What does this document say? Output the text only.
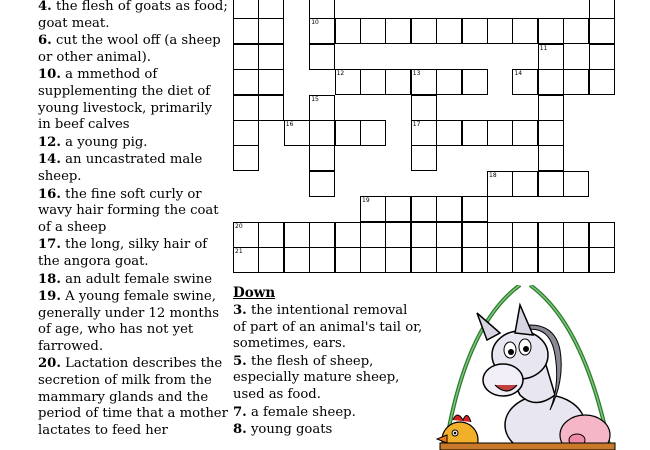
10
11
12	13	14
15
16	17
18
19
20
21
4. the flesh of goats as food; goat meat.
6. cut the wool off (a sheep or other animal).
10. a mmethod of supplementing the diet of young livestock, primarily in beef calves
12. a young pig.
14. an uncastrated male sheep.
16. the fine soft curly or wavy hair forming the coat of a sheep
17. the long, silky hair of the angora goat.
18. an adult female swine
19. A young female swine, generally under 12 months of age, who has not yet farrowed.
20. Lactation describes the secretion of milk from the mammary glands and the period of time that a mother lactates to feed her
Down
3. the intentional removal of part of an animal's tail or, sometimes, ears.
5. the flesh of sheep, especially mature sheep, used as food.
7. a female sheep.
8. young goats
